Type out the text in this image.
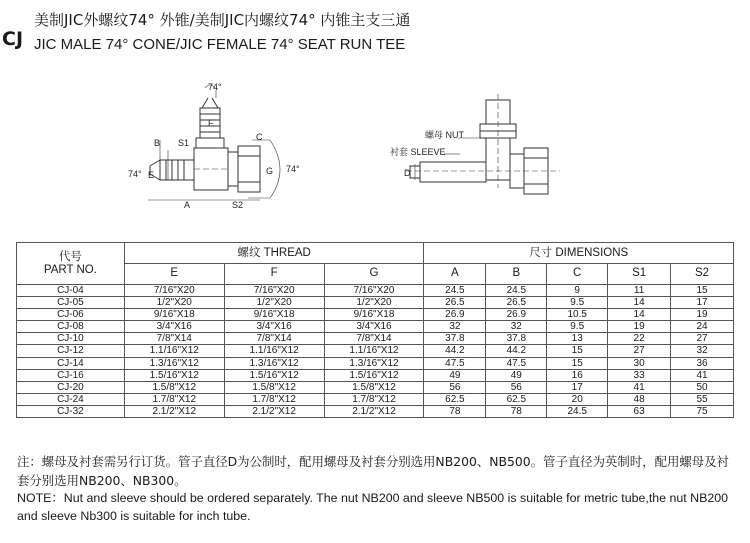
CJ
美制JIC外螺纹74° 外锥/美制JIC内螺纹74° 内锥主支三通
JIC MALE 74° CONE/JIC FEMALE 74° SEAT RUN TEE
74°
74°	74°
B S1
E
F
A	S2
C
G
螺母 NUT
衬套 SLEEVE
D
代号
PART NO.	螺纹 THREAD			尺寸 DIMENSIONS				
	E	F	G	A	B	C	S1	S2
CJ-04	7/16"X20	7/16"X20	7/16"X20	24.5	24.5	9	11	15
CJ-05	1/2"X20	1/2"X20	1/2"X20	26.5	26.5	9.5	14	17
CJ-06	9/16"X18	9/16"X18	9/16"X18	26.9	26.9	10.5	14	19
CJ-08	3/4"X16	3/4"X16	3/4"X16	32	32	9.5	19	24
CJ-10	7/8"X14	7/8"X14	7/8"X14	37.8	37.8	13	22	27
CJ-12	1.1/16"X12	1.1/16"X12	1.1/16"X12	44.2	44.2	15	27	32
CJ-14	1.3/16"X12	1.3/16"X12	1.3/16"X12	47.5	47.5	15	30	36
CJ-16	1.5/16"X12	1.5/16"X12	1.5/16"X12	49	49	16	33	41
CJ-20	1.5/8"X12	1.5/8"X12	1.5/8"X12	56	56	17	41	50
CJ-24	1.7/8"X12	1.7/8"X12	1.7/8"X12	62.5	62.5	20	48	55
CJ-32	2.1/2"X12	2.1/2"X12	2.1/2"X12	78	78	24.5	63	75
注：螺母及衬套需另行订货。管子直径D为公制时，配用螺母及衬套分别选用NB200、NB500。管子直径为英制时，配用螺母及衬套分别选用NB200、NB300。
NOTE：Nut and sleeve should be ordered separately. The nut NB200 and sleeve NB500 is suitable for metric tube,the nut NB200 and sleeve Nb300 is suitable for inch tube.
